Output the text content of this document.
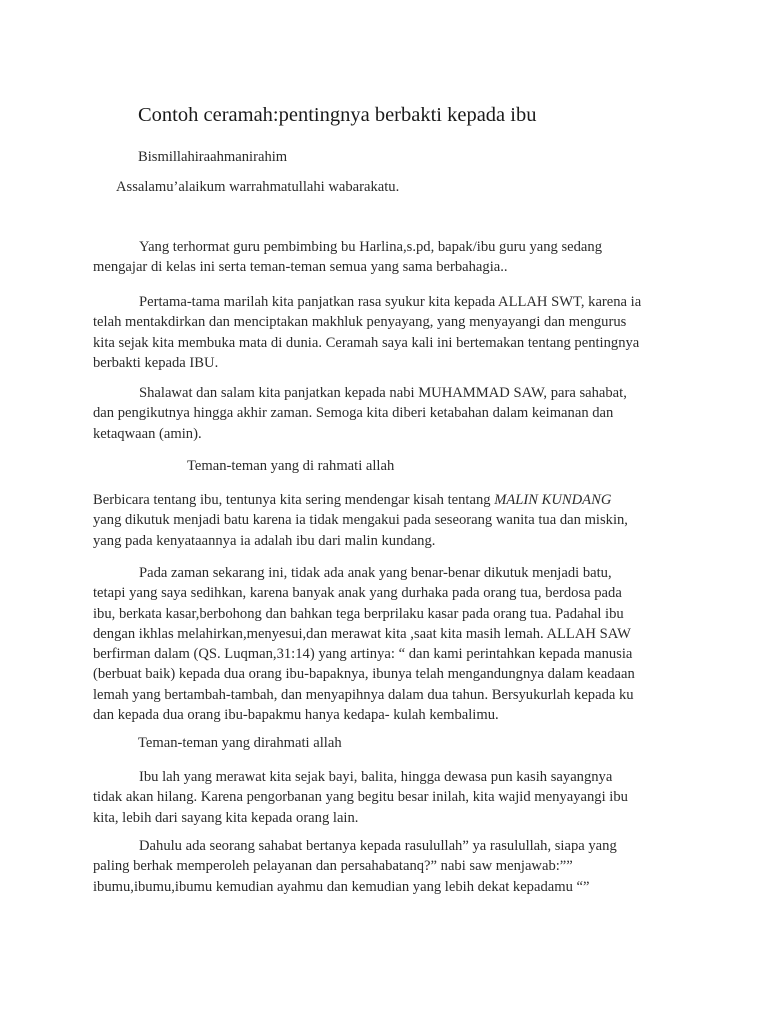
Contoh ceramah:pentingnya berbakti kepada ibu
Bismillahiraahmanirahim
Assalamu’alaikum warrahmatullahi wabarakatu.
Yang terhormat guru pembimbing bu Harlina,s.pd, bapak/ibu guru yang sedang
mengajar di kelas ini serta teman-teman semua yang sama berbahagia..
Pertama-tama marilah kita panjatkan rasa syukur kita kepada ALLAH SWT, karena ia
telah mentakdirkan dan menciptakan makhluk penyayang, yang menyayangi dan mengurus
kita sejak kita membuka mata di dunia. Ceramah saya kali ini bertemakan tentang pentingnya
berbakti kepada IBU.
Shalawat dan salam kita panjatkan kepada nabi MUHAMMAD SAW, para sahabat,
dan pengikutnya hingga akhir zaman. Semoga kita diberi ketabahan dalam keimanan dan
ketaqwaan (amin).
Teman-teman yang di rahmati allah
Berbicara tentang ibu, tentunya kita sering mendengar kisah tentang MALIN KUNDANG
yang dikutuk menjadi batu karena ia tidak mengakui pada seseorang wanita tua dan miskin,
yang pada kenyataannya ia adalah ibu dari malin kundang.
Pada zaman sekarang ini, tidak ada anak yang benar-benar dikutuk menjadi batu,
tetapi yang saya sedihkan, karena banyak anak yang durhaka pada orang tua, berdosa pada
ibu, berkata kasar,berbohong dan bahkan tega berprilaku kasar pada orang tua. Padahal ibu
dengan ikhlas melahirkan,menyesui,dan merawat kita ,saat kita masih lemah. ALLAH SAW
berfirman dalam (QS. Luqman,31:14) yang artinya: “ dan kami perintahkan kepada manusia
(berbuat baik) kepada dua orang ibu-bapaknya, ibunya telah mengandungnya dalam keadaan
lemah yang bertambah-tambah, dan menyapihnya dalam dua tahun. Bersyukurlah kepada ku
dan kepada dua orang ibu-bapakmu hanya kedapa- kulah kembalimu.
Teman-teman yang dirahmati allah
Ibu lah yang merawat kita sejak bayi, balita, hingga dewasa pun kasih sayangnya
tidak akan hilang. Karena pengorbanan yang begitu besar inilah, kita wajid menyayangi ibu
kita, lebih dari sayang kita kepada orang lain.
Dahulu ada seorang sahabat bertanya kepada rasulullah” ya rasulullah, siapa yang
paling berhak memperoleh pelayanan dan persahabatanq?” nabi saw menjawab:””
ibumu,ibumu,ibumu kemudian ayahmu dan kemudian yang lebih dekat kepadamu “”
